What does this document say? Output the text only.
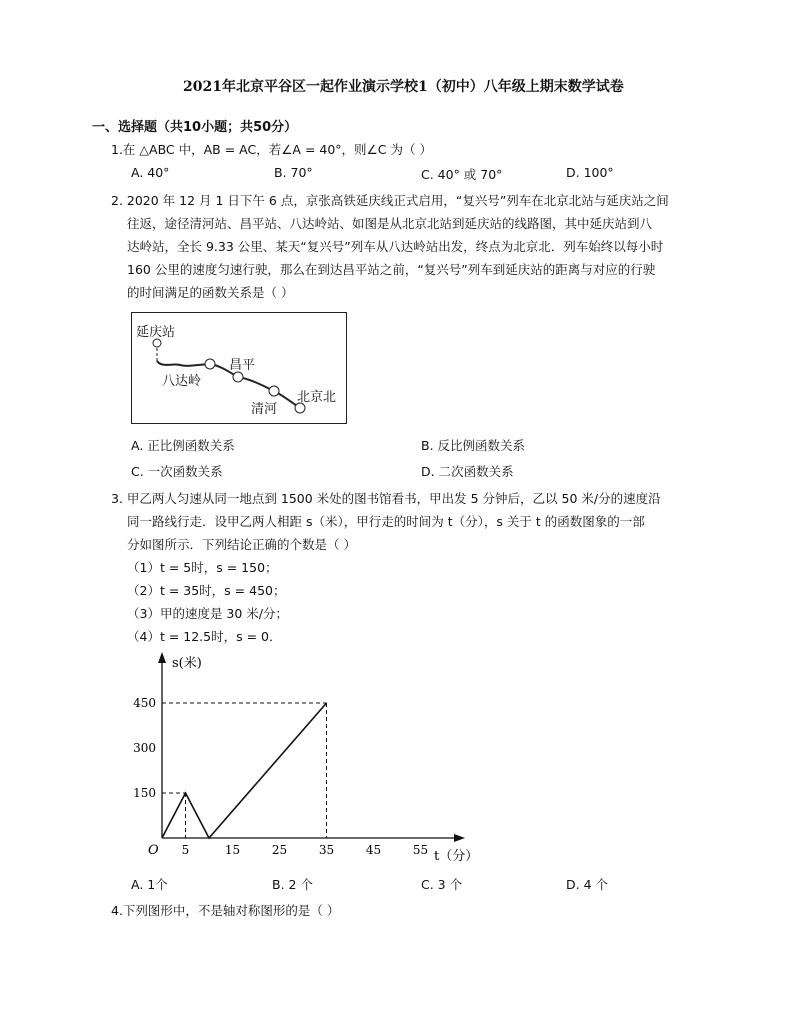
2021年北京平谷区一起作业演示学校1（初中）八年级上期末数学试卷
一、选择题（共10小题；共50分）
1.在 △ABC 中，AB = AC，若∠A = 40°，则∠C 为（ ）
A. 40°	B. 70°	C. 40° 或 70°	D. 100°
2. 2020 年 12 月 1 日下午 6 点，京张高铁延庆线正式启用，“复兴号”列车在北京北站与延庆站之间
往返，途径清河站、昌平站、八达岭站、如图是从北京北站到延庆站的线路图，其中延庆站到八
达岭站，全长 9.33 公里、某天“复兴号”列车从八达岭站出发，终点为北京北．列车始终以每小时
160 公里的速度匀速行驶，那么在到达昌平站之前，“复兴号”列车到延庆站的距离与对应的行驶
的时间满足的函数关系是（ ）
延庆站
八达岭
昌平
清河
北京北
A. 正比例函数关系	B. 反比例函数关系
C. 一次函数关系	D. 二次函数关系
3. 甲乙两人匀速从同一地点到 1500 米处的图书馆看书，甲出发 5 分钟后，乙以 50 米/分的速度沿
同一路线行走．设甲乙两人相距 s（米），甲行走的时间为 t（分），s 关于 t 的函数图象的一部
分如图所示．下列结论正确的个数是（ ）
（1）t = 5时，s = 150；
（2）t = 35时，s = 450；
（3）甲的速度是 30 米/分；
（4）t = 12.5时，s = 0．
s(米)
t（分）
O 5	15	25	35	45	55
150
300
450
A. 1个	B. 2 个	C. 3 个	D. 4 个
4.下列图形中，不是轴对称图形的是（ ）
